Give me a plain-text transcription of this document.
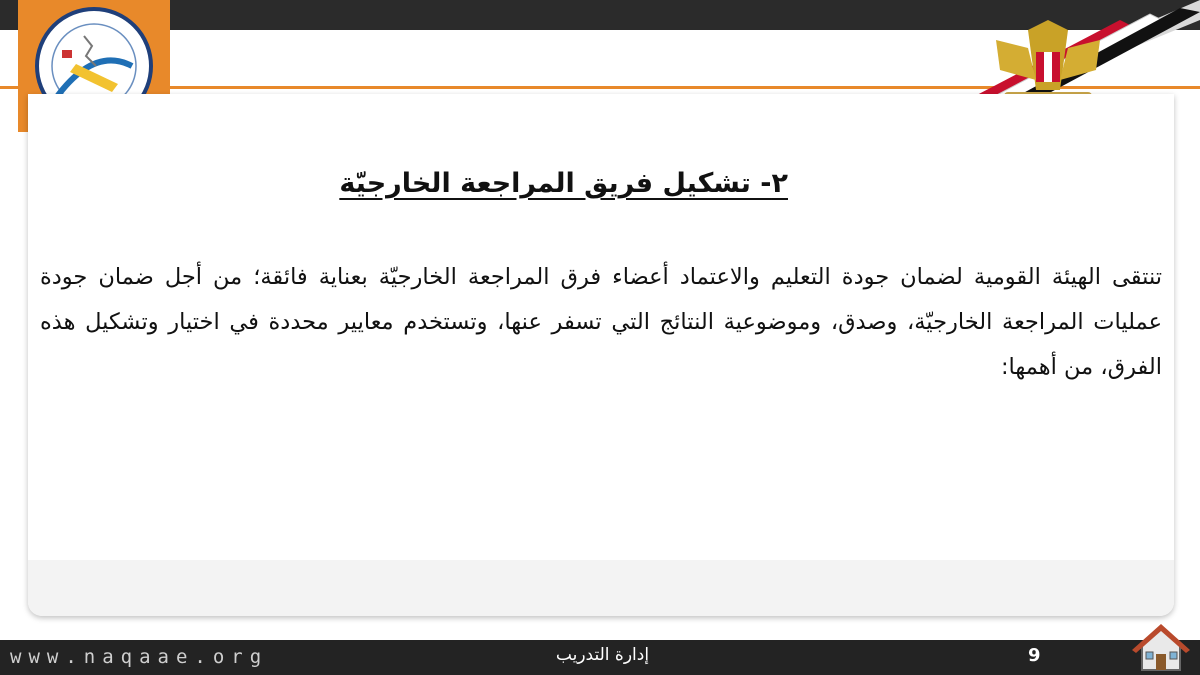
٢- تشكيل فريق المراجعة الخارجيّة
تنتقى الهيئة القومية لضمان جودة التعليم والاعتماد أعضاء فرق المراجعة الخارجيّة بعناية فائقة؛ من أجل ضمان جودة عمليات المراجعة الخارجيّة، وصدق، وموضوعية النتائج التي تسفر عنها، وتستخدم معايير محددة في اختيار وتشكيل هذه الفرق، من أهمها:
www.naqaae.org	إدارة التدريب	9
